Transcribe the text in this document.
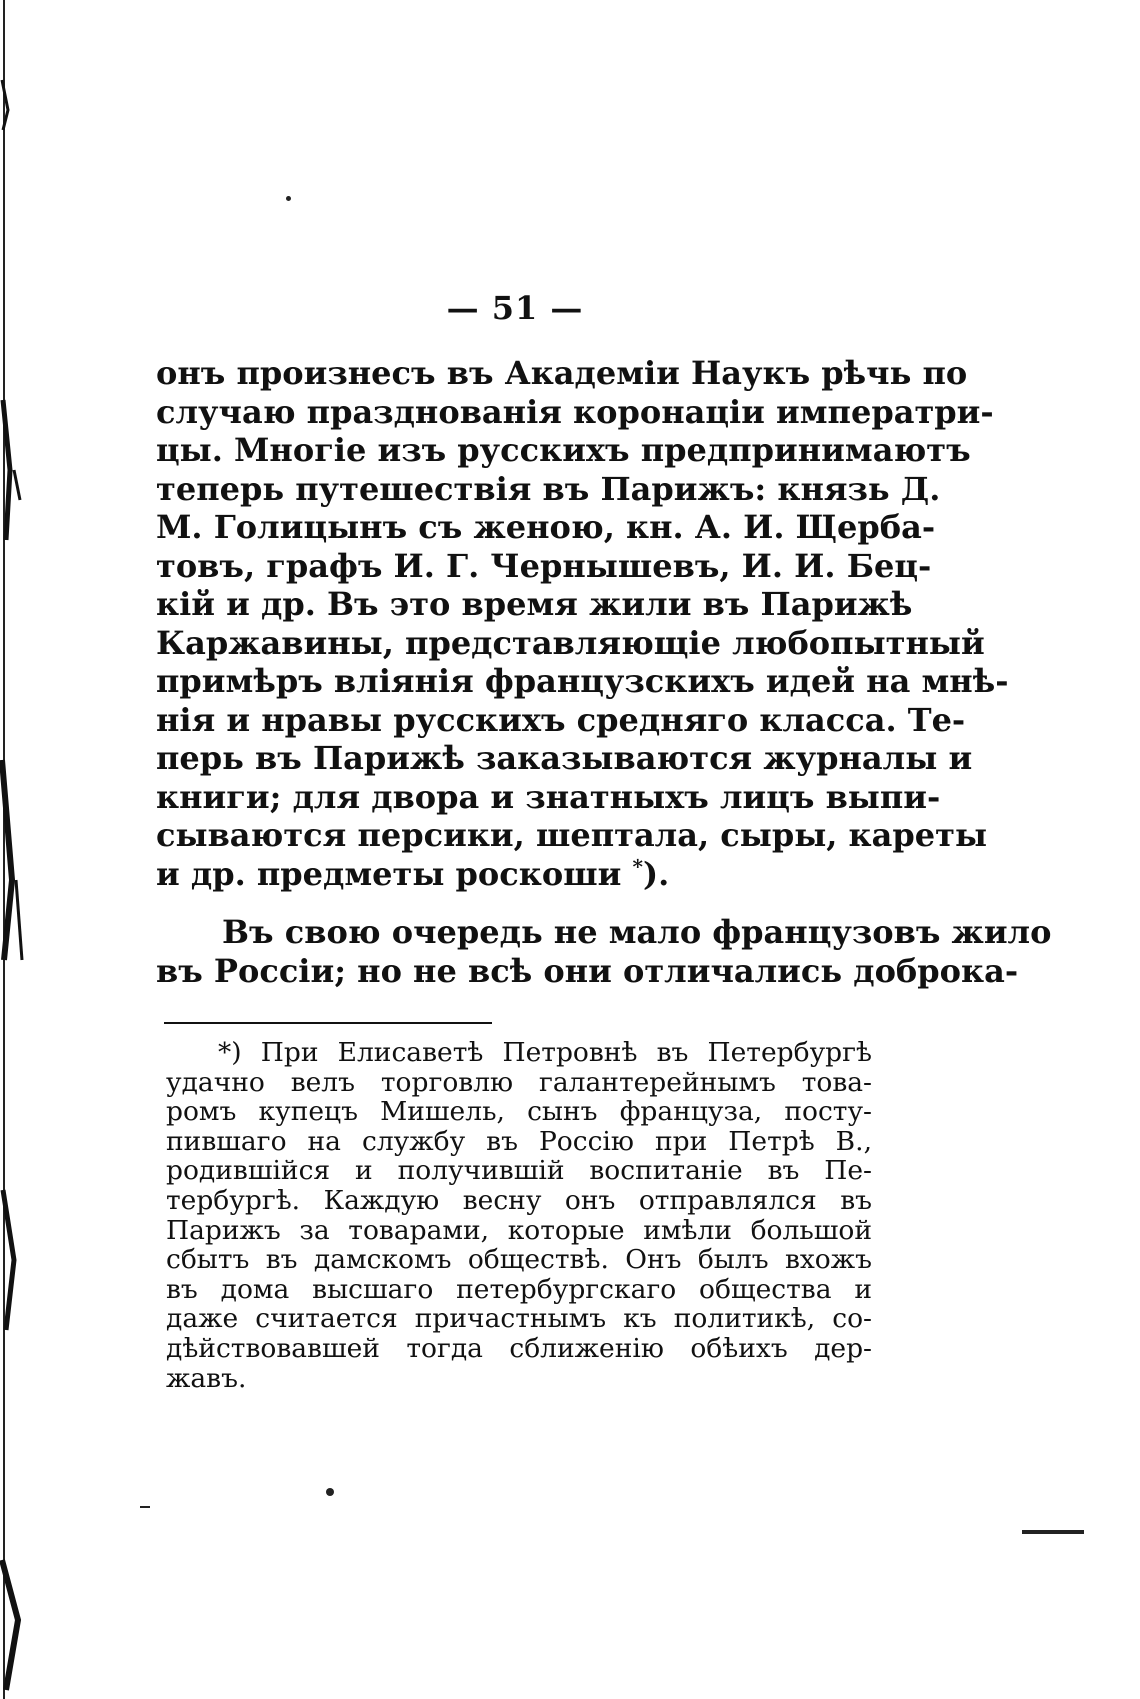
— 51 —
онъ произнесъ въ Академіи Наукъ рѣчь по
случаю празднованія коронаціи императри-
цы. Многіе изъ русскихъ предпринимаютъ
теперь путешествія въ Парижъ: князь Д.
М. Голицынъ съ женою, кн. А. И. Щерба-
товъ, графъ И. Г. Чернышевъ, И. И. Бец-
кій и др. Въ это время жили въ Парижѣ
Каржавины, представляющіе любопытный
примѣръ вліянія французскихъ идей на мнѣ-
нія и нравы русскихъ средняго класса. Те-
перь въ Парижѣ заказываются журналы и
книги; для двора и знатныхъ лицъ выпи-
сываются персики, шептала, сыры, кареты
и др. предметы роскоши *).
Въ свою очередь не мало французовъ жило
въ Россіи; но не всѣ они отличались доброка-
*) При Елисаветѣ Петровнѣ въ Петербургѣ
удачно велъ торговлю галантерейнымъ това-
ромъ купецъ Мишель, сынъ француза, посту-
пившаго на службу въ Россію при Петрѣ В.,
родившійся и получившій воспитаніе въ Пе-
тербургѣ. Каждую весну онъ отправлялся въ
Парижъ за товарами, которые имѣли большой
сбытъ въ дамскомъ обществѣ. Онъ былъ вхожъ
въ дома высшаго петербургскаго общества и
даже считается причастнымъ къ политикѣ, со-
дѣйствовавшей тогда сближенію обѣихъ дер-
жавъ.
